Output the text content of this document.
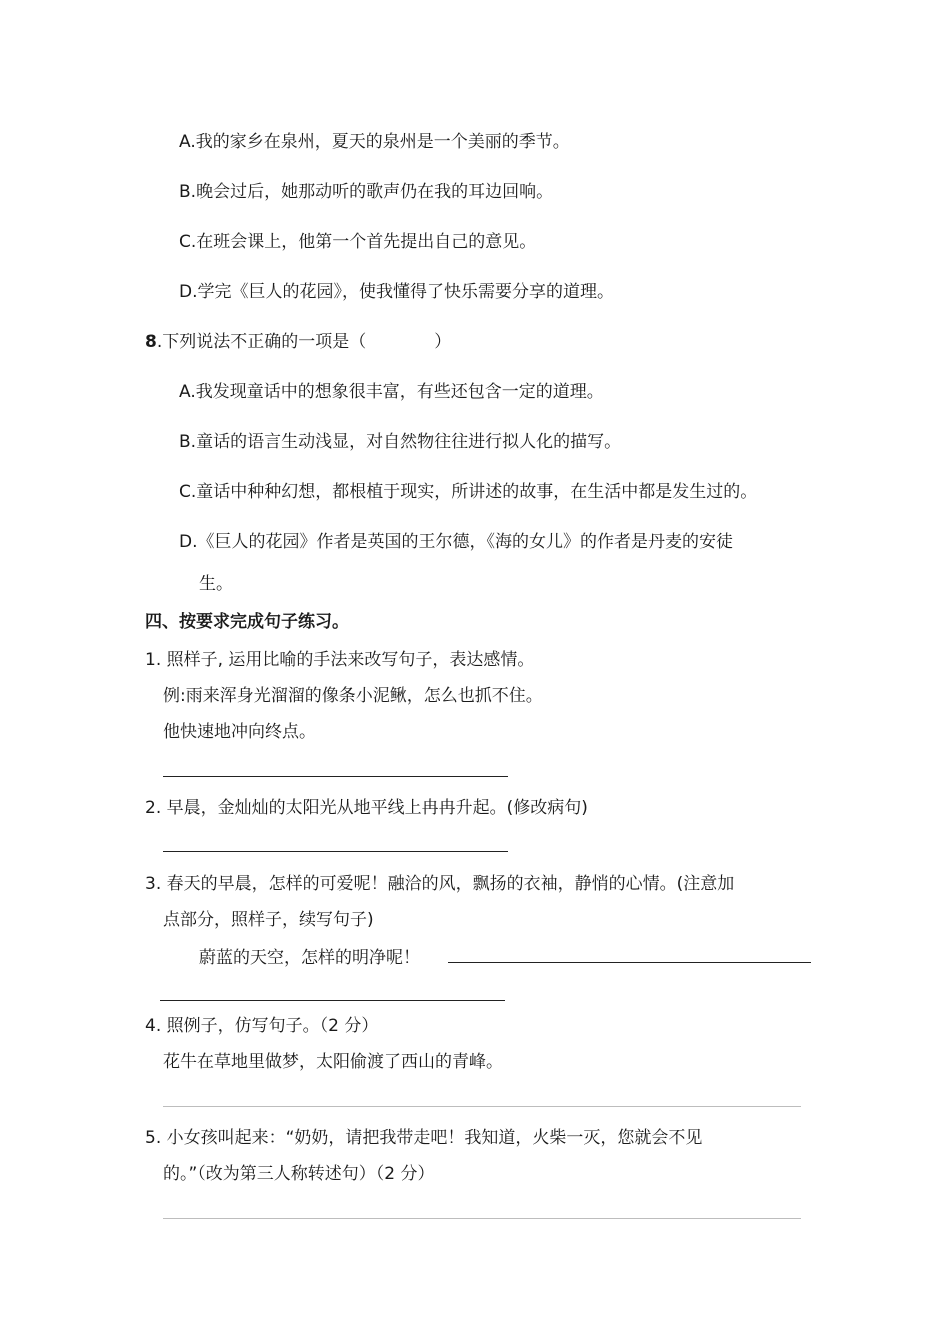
A.我的家乡在泉州，夏天的泉州是一个美丽的季节。
B.晚会过后，她那动听的歌声仍在我的耳边回响。
C.在班会课上，他第一个首先提出自己的意见。
D.学完《巨人的花园》，使我懂得了快乐需要分享的道理。
8.下列说法不正确的一项是（　　　　）
A.我发现童话中的想象很丰富，有些还包含一定的道理。
B.童话的语言生动浅显，对自然物往往进行拟人化的描写。
C.童话中种种幻想，都根植于现实，所讲述的故事，在生活中都是发生过的。
D.《巨人的花园》作者是英国的王尔德，《海的女儿》的作者是丹麦的安徒
生。
四、按要求完成句子练习。
1. 照样子, 运用比喻的手法来改写句子，表达感情。
例:雨来浑身光溜溜的像条小泥鳅，怎么也抓不住。
他快速地冲向终点。
2. 早晨，金灿灿的太阳光从地平线上冉冉升起。(修改病句)
3. 春天的早晨，怎样的可爱呢！融洽的风，飘扬的衣袖，静悄的心情。(注意加
点部分，照样子，续写句子)
蔚蓝的天空，怎样的明净呢！
4. 照例子，仿写句子。（2 分）
花牛在草地里做梦，太阳偷渡了西山的青峰。
5. 小女孩叫起来：“奶奶，请把我带走吧！我知道，火柴一灭，您就会不见
的。”（改为第三人称转述句）（2 分）
